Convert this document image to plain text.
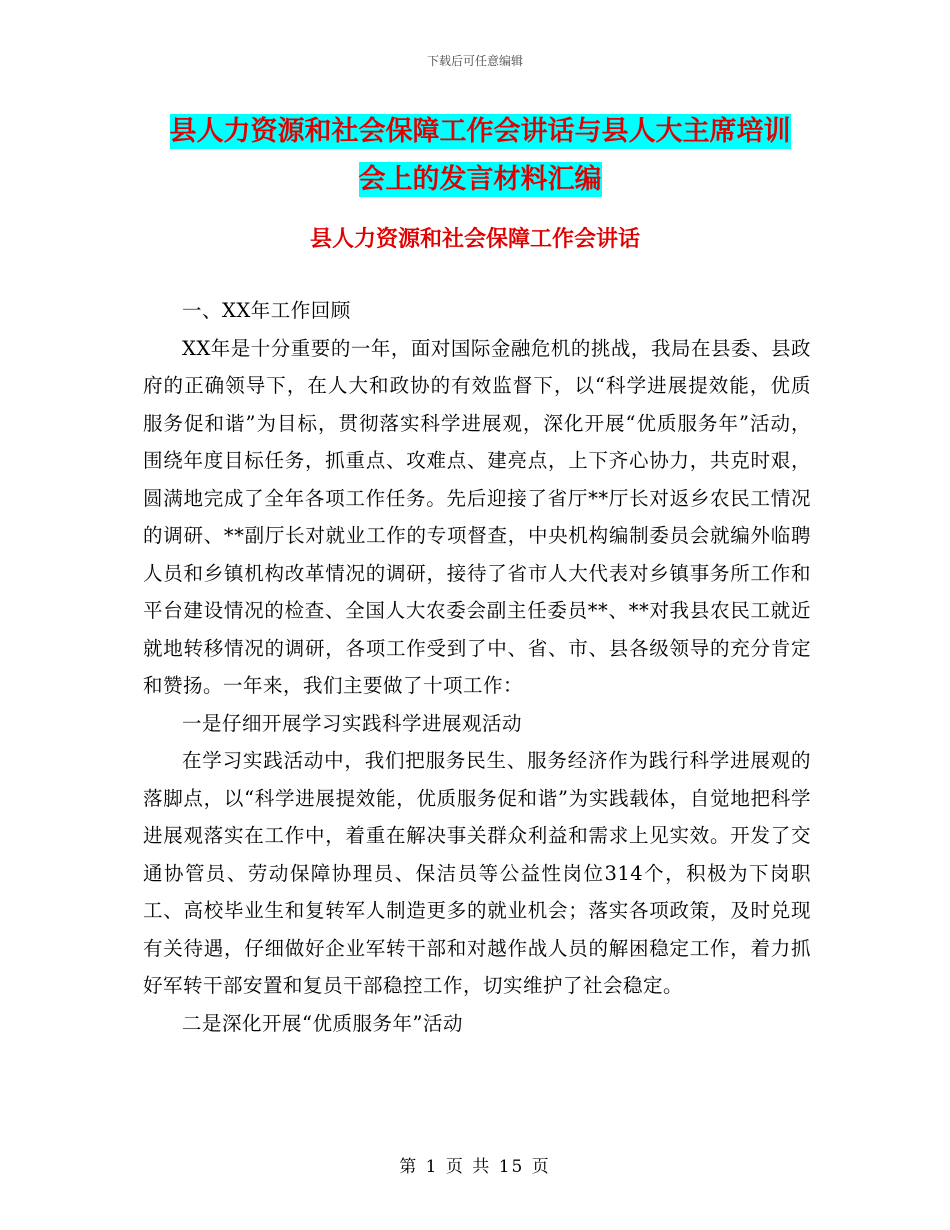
下载后可任意编辑
县人力资源和社会保障工作会讲话与县人大主席培训
会上的发言材料汇编
县人力资源和社会保障工作会讲话

一、XX年工作回顾

XX年是十分重要的一年，面对国际金融危机的挑战，我局在县委、县政府的正确领导下，在人大和政协的有效监督下，以“科学进展提效能，优质服务促和谐”为目标，贯彻落实科学进展观，深化开展“优质服务年”活动，围绕年度目标任务，抓重点、攻难点、建亮点，上下齐心协力，共克时艰，圆满地完成了全年各项工作任务。先后迎接了省厅**厅长对返乡农民工情况的调研、**副厅长对就业工作的专项督查，中央机构编制委员会就编外临聘人员和乡镇机构改革情况的调研，接待了省市人大代表对乡镇事务所工作和平台建设情况的检查、全国人大农委会副主任委员**、**对我县农民工就近就地转移情况的调研，各项工作受到了中、省、市、县各级领导的充分肯定和赞扬。一年来，我们主要做了十项工作：

一是仔细开展学习实践科学进展观活动

在学习实践活动中，我们把服务民生、服务经济作为践行科学进展观的落脚点，以“科学进展提效能，优质服务促和谐”为实践载体，自觉地把科学进展观落实在工作中，着重在解决事关群众利益和需求上见实效。开发了交通协管员、劳动保障协理员、保洁员等公益性岗位314个，积极为下岗职工、高校毕业生和复转军人制造更多的就业机会；落实各项政策，及时兑现有关待遇，仔细做好企业军转干部和对越作战人员的解困稳定工作，着力抓好军转干部安置和复员干部稳控工作，切实维护了社会稳定。

二是深化开展“优质服务年”活动

第 1 页 共 15 页
